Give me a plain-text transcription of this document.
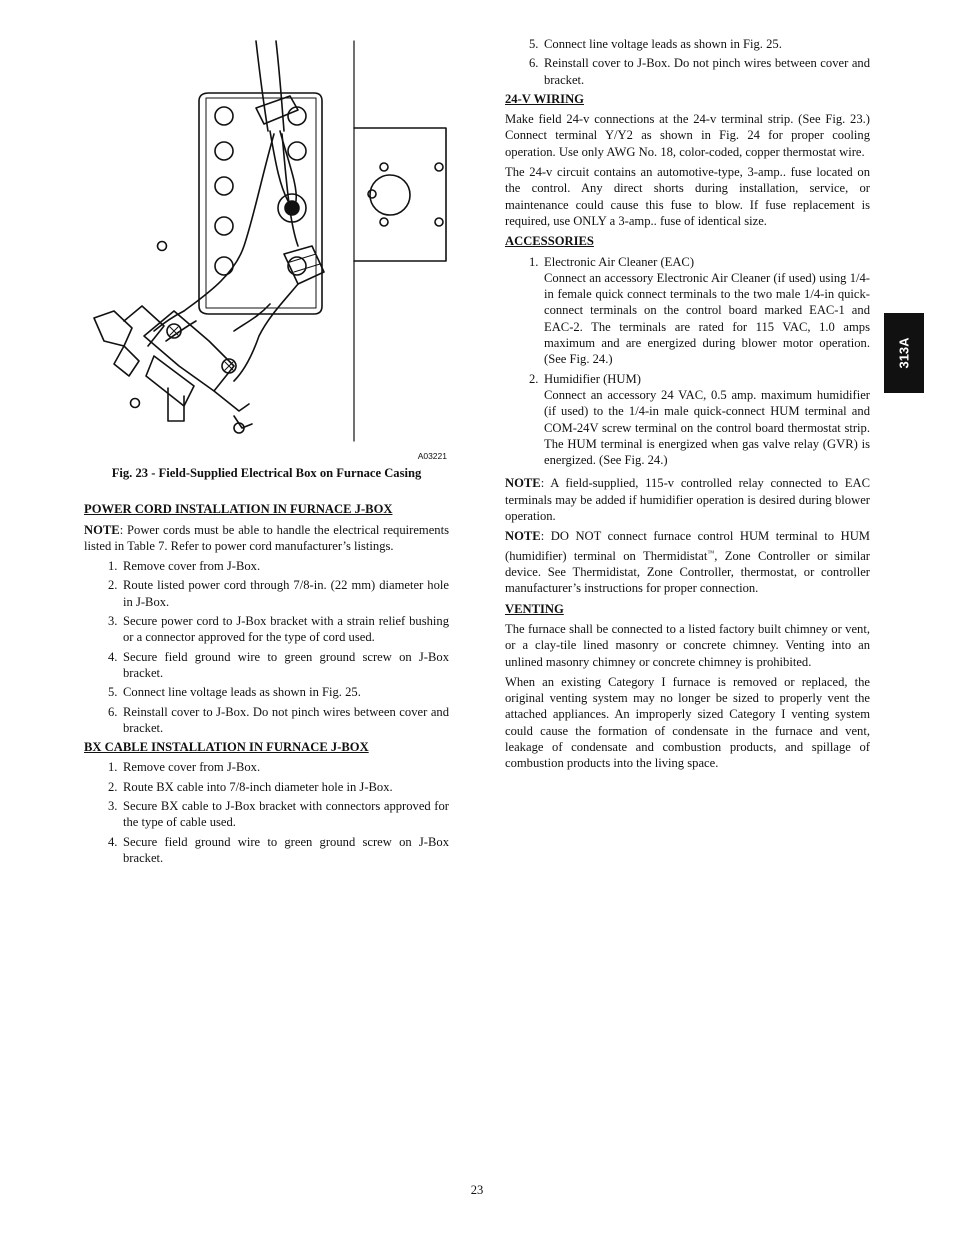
A03221
Fig. 23 - Field-Supplied Electrical Box on Furnace Casing
POWER CORD INSTALLATION IN FURNACE J-BOX

NOTE: Power cords must be able to handle the electrical requirements listed in Table 7. Refer to power cord manufacturer’s listings.

1. Remove cover from J-Box.
2. Route listed power cord through 7/8-in. (22 mm) diameter hole in J-Box.
3. Secure power cord to J-Box bracket with a strain relief bushing or a connector approved for the type of cord used.
4. Secure field ground wire to green ground screw on J-Box bracket.
5. Connect line voltage leads as shown in Fig. 25.
6. Reinstall cover to J-Box. Do not pinch wires between cover and bracket.
BX CABLE INSTALLATION IN FURNACE J-BOX
1. Remove cover from J-Box.
2. Route BX cable into 7/8-inch diameter hole in J-Box.
3. Secure BX cable to J-Box bracket with connectors approved for the type of cable used.
4. Secure field ground wire to green ground screw on J-Box bracket.
5. Connect line voltage leads as shown in Fig. 25.
6. Reinstall cover to J-Box. Do not pinch wires between cover and bracket.
24-V WIRING

Make field 24-v connections at the 24-v terminal strip. (See Fig. 23.) Connect terminal Y/Y2 as shown in Fig. 24 for proper cooling operation. Use only AWG No. 18, color-coded, copper thermostat wire.

The 24-v circuit contains an automotive-type, 3-amp.. fuse located on the control. Any direct shorts during installation, service, or maintenance could cause this fuse to blow. If fuse replacement is required, use ONLY a 3-amp.. fuse of identical size.

ACCESSORIES
1. Electronic Air Cleaner (EAC)
Connect an accessory Electronic Air Cleaner (if used) using 1/4-in female quick connect terminals to the two male 1/4-in quick-connect terminals on the control board marked EAC-1 and EAC-2. The terminals are rated for 115 VAC, 1.0 amps maximum and are energized during blower motor operation. (See Fig. 24.)
2. Humidifier (HUM)
Connect an accessory 24 VAC, 0.5 amp. maximum humidifier (if used) to the 1/4-in male quick-connect HUM terminal and COM-24V screw terminal on the control board thermostat strip. The HUM terminal is energized when gas valve relay (GVR) is energized. (See Fig. 24.)

NOTE: A field-supplied, 115-v controlled relay connected to EAC terminals may be added if humidifier operation is desired during blower operation.

NOTE: DO NOT connect furnace control HUM terminal to HUM (humidifier) terminal on Thermidistat™, Zone Controller or similar device. See Thermidistat, Zone Controller, thermostat, or controller manufacturer’s instructions for proper connection.

VENTING

The furnace shall be connected to a listed factory built chimney or vent, or a clay-tile lined masonry or concrete chimney. Venting into an unlined masonry chimney or concrete chimney is prohibited.

When an existing Category I furnace is removed or replaced, the original venting system may no longer be sized to properly vent the attached appliances. An improperly sized Category I venting system could cause the formation of condensate in the furnace and vent, leakage of condensate and combustion products, and spillage of combustion products into the living space.

313A
23
